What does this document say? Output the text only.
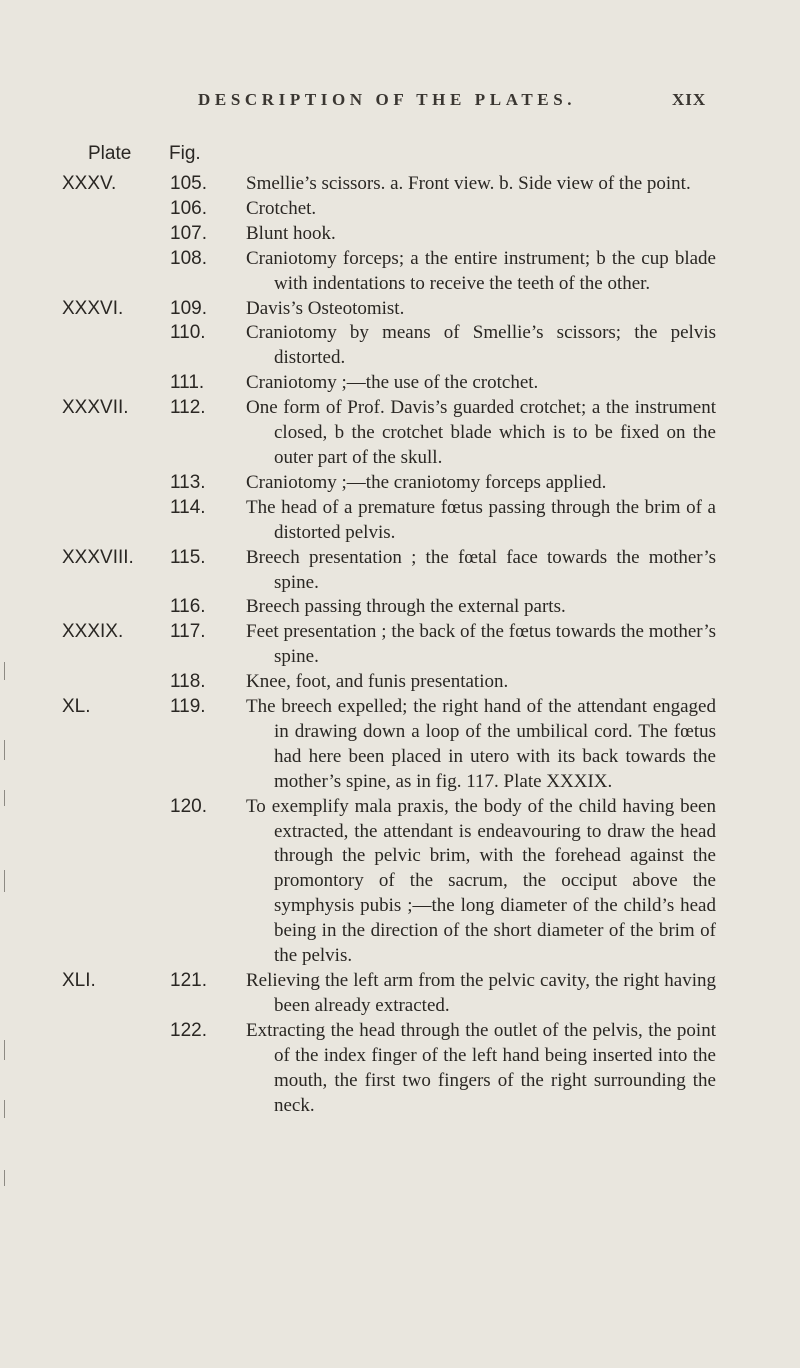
DESCRIPTION OF THE PLATES.	XIX
Plate Fig.
XXXV.	105.	Smellie’s scissors. a. Front view. b. Side view of the point.
106.	Crotchet.
107.	Blunt hook.
108.	Craniotomy forceps; a the entire instrument; b the cup blade with indentations to receive the teeth of the other.
XXXVI.	109.	Davis’s Osteotomist.
110.	Craniotomy by means of Smellie’s scissors; the pelvis distorted.
111.	Craniotomy ;—the use of the crotchet.
XXXVII.	112.	One form of Prof. Davis’s guarded crotchet; a the instrument closed, b the crotchet blade which is to be fixed on the outer part of the skull.
113.	Craniotomy ;—the craniotomy forceps applied.
114.	The head of a premature fœtus passing through the brim of a distorted pelvis.
XXXVIII.	115.	Breech presentation ; the fœtal face towards the mother’s spine.
116.	Breech passing through the external parts.
XXXIX.	117.	Feet presentation ; the back of the fœtus towards the mother’s spine.
118.	Knee, foot, and funis presentation.
XL.	119.	The breech expelled; the right hand of the attendant engaged in drawing down a loop of the umbilical cord. The fœtus had here been placed in utero with its back towards the mother’s spine, as in fig. 117. Plate XXXIX.
120.	To exemplify mala praxis, the body of the child having been extracted, the attendant is endeavouring to draw the head through the pelvic brim, with the forehead against the promontory of the sacrum, the occiput above the symphysis pubis ;—the long diameter of the child’s head being in the direction of the short diameter of the brim of the pelvis.
XLI.	121.	Relieving the left arm from the pelvic cavity, the right having been already extracted.
122.	Extracting the head through the outlet of the pelvis, the point of the index finger of the left hand being inserted into the mouth, the first two fingers of the right surrounding the neck.
